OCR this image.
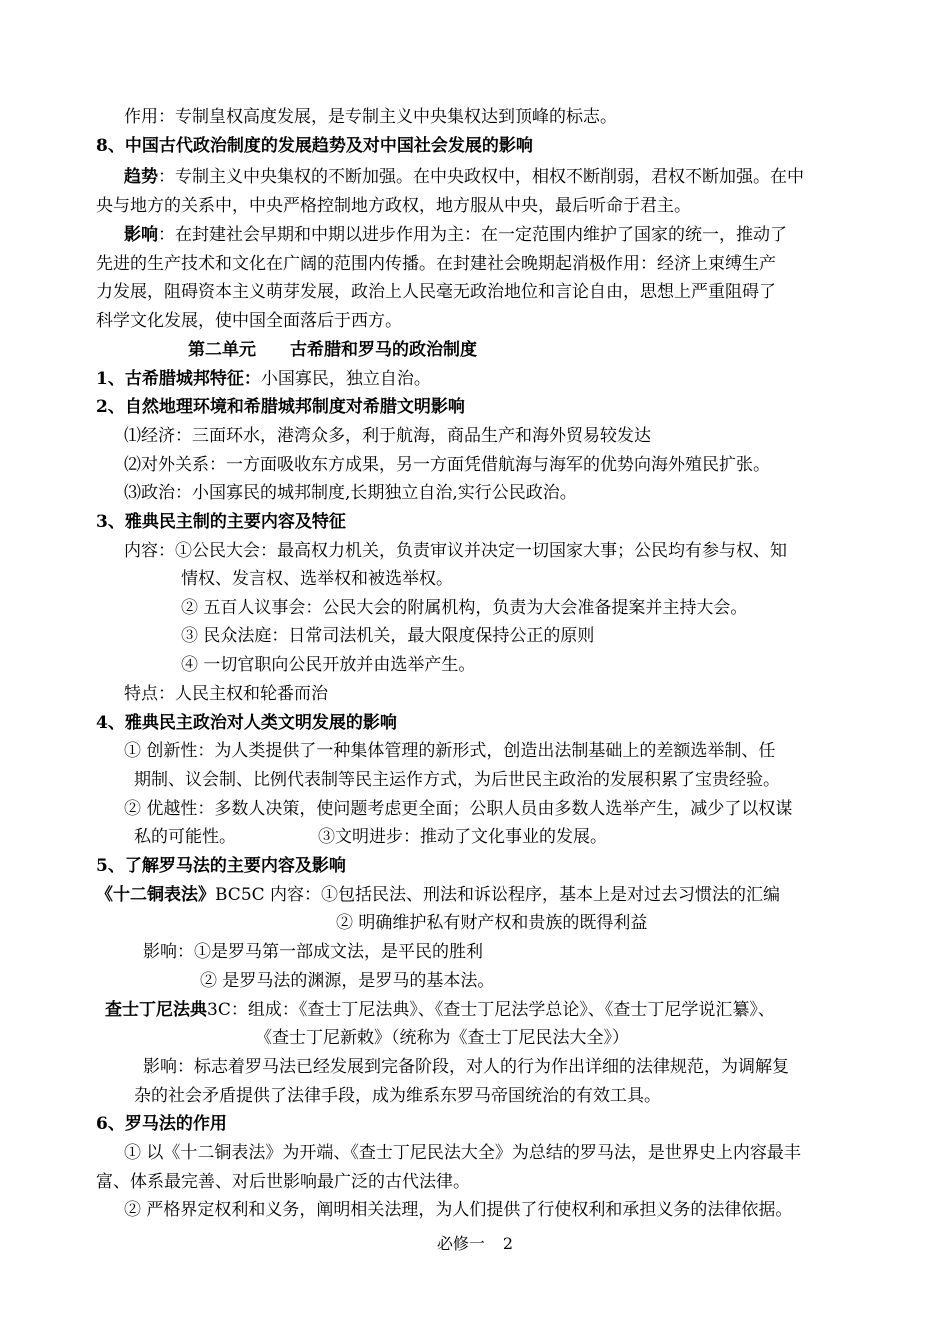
作用：专制皇权高度发展，是专制主义中央集权达到顶峰的标志。
8、中国古代政治制度的发展趋势及对中国社会发展的影响
趋势：专制主义中央集权的不断加强。在中央政权中，相权不断削弱，君权不断加强。在中
央与地方的关系中，中央严格控制地方政权，地方服从中央，最后听命于君主。
影响：在封建社会早期和中期以进步作用为主：在一定范围内维护了国家的统一，推动了
先进的生产技术和文化在广阔的范围内传播。在封建社会晚期起消极作用：经济上束缚生产
力发展，阻碍资本主义萌芽发展，政治上人民毫无政治地位和言论自由，思想上严重阻碍了
科学文化发展，使中国全面落后于西方。
第二单元　　古希腊和罗马的政治制度
1、古希腊城邦特征：小国寡民，独立自治。
2、自然地理环境和希腊城邦制度对希腊文明影响
⑴经济：三面环水，港湾众多，利于航海，商品生产和海外贸易较发达
⑵对外关系：一方面吸收东方成果，另一方面凭借航海与海军的优势向海外殖民扩张。
⑶政治：小国寡民的城邦制度,长期独立自治,实行公民政治。
3、雅典民主制的主要内容及特征
内容：①公民大会：最高权力机关，负责审议并决定一切国家大事；公民均有参与权、知
情权、发言权、选举权和被选举权。
② 五百人议事会：公民大会的附属机构，负责为大会准备提案并主持大会。
③ 民众法庭：日常司法机关，最大限度保持公正的原则
④ 一切官职向公民开放并由选举产生。
特点：人民主权和轮番而治
4、雅典民主政治对人类文明发展的影响
① 创新性：为人类提供了一种集体管理的新形式，创造出法制基础上的差额选举制、任
期制、议会制、比例代表制等民主运作方式，为后世民主政治的发展积累了宝贵经验。
② 优越性：多数人决策，使问题考虑更全面；公职人员由多数人选举产生，减少了以权谋
私的可能性。	③文明进步：推动了文化事业的发展。
5、了解罗马法的主要内容及影响
《十二铜表法》BC5C 内容：①包括民法、刑法和诉讼程序，基本上是对过去习惯法的汇编
② 明确维护私有财产权和贵族的既得利益
影响：①是罗马第一部成文法，是平民的胜利
② 是罗马法的渊源，是罗马的基本法。
查士丁尼法典3C：组成：《查士丁尼法典》、《查士丁尼法学总论》、《查士丁尼学说汇纂》、
《查士丁尼新敕》（统称为《查士丁尼民法大全》）
影响：标志着罗马法已经发展到完备阶段，对人的行为作出详细的法律规范，为调解复
杂的社会矛盾提供了法律手段，成为维系东罗马帝国统治的有效工具。
6、罗马法的作用
① 以《十二铜表法》为开端、《查士丁尼民法大全》为总结的罗马法，是世界史上内容最丰
富、体系最完善、对后世影响最广泛的古代法律。
② 严格界定权利和义务，阐明相关法理，为人们提供了行使权利和承担义务的法律依据。
必修一 2
